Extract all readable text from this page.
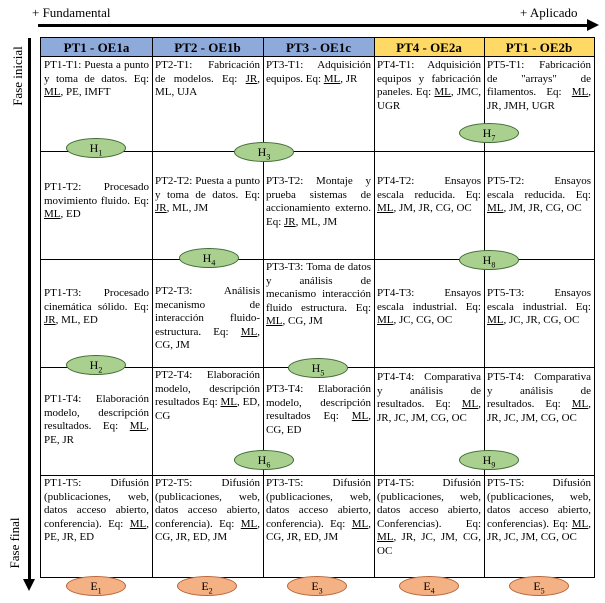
+ Fundamental	+ Aplicado
Fase inicial
Fase final
PT1 - OE1a	PT2 - OE1b	PT3 - OE1c	PT4 - OE2a	PT1 - OE2b
PT1-T1: Puesta a punto y toma de datos. Eq: ML, PE, IMFT
PT2-T1: Fabricación de modelos. Eq: JR, ML, UJA
PT3-T1: Adquisición equipos. Eq: ML, JR
PT4-T1: Adquisición equipos y fabricación paneles. Eq: ML, JMC, UGR
PT5-T1: Fabricación de "arrays" de filamentos. Eq: ML, JR, JMH, UGR
PT1-T2: Procesado movimiento fluido. Eq: ML, ED
PT2-T2: Puesta a punto y toma de datos. Eq: JR, ML, JM
PT3-T2: Montaje y prueba sistemas de accionamiento externo. Eq: JR, ML, JM
PT4-T2: Ensayos escala reducida. Eq: ML, JM, JR, CG, OC
PT5-T2: Ensayos escala reducida. Eq: ML, JM, JR, CG, OC
PT1-T3: Procesado cinemática sólido. Eq: JR, ML, ED
PT2-T3: Análisis mecanismo de interacción fluido-estructura. Eq: ML, CG, JM
PT3-T3: Toma de datos y análisis de mecanismo interacción fluido estructura. Eq: ML, CG, JM
PT4-T3: Ensayos escala industrial. Eq: ML, JC, CG, OC
PT5-T3: Ensayos escala industrial. Eq: ML, JC, JR, CG, OC
PT1-T4: Elaboración modelo, descripción resultados. Eq: ML, PE, JR
PT2-T4: Elaboración modelo, descripción resultados Eq: ML, ED, CG
PT3-T4: Elaboración modelo, descripción resultados Eq: ML, CG, ED
PT4-T4: Comparativa y análisis de resultados. Eq: ML, JR, JC, JM, CG, OC
PT5-T4: Comparativa y análisis de resultados. Eq: ML, JR, JC, JM, CG, OC
PT1-T5: Difusión (publicaciones, web, datos acceso abierto, conferencia). Eq: ML, PE, JR, ED
PT2-T5: Difusión (publicaciones, web, datos acceso abierto, conferencia). Eq: ML, CG, JR, ED, JM
PT3-T5: Difusión (publicaciones, web, datos acceso abierto, conferencia). Eq: ML, CG, JR, ED, JM
PT4-T5: Difusión (publicaciones, web, datos acceso abierto, Conferencias). Eq: ML, JR, JC, JM, CG, OC
PT5-T5: Difusión (publicaciones, web, datos acceso abierto, conferencias). Eq: ML, JR, JC, JM, CG, OC
$H_1$	$H_3$
$H_7$
$H_4$	$H_8$
$H_2$	$H_5$
$H_6$	$H_9$
$E_1$	$E_2$	$E_3$	$E_4$	$E_5$
